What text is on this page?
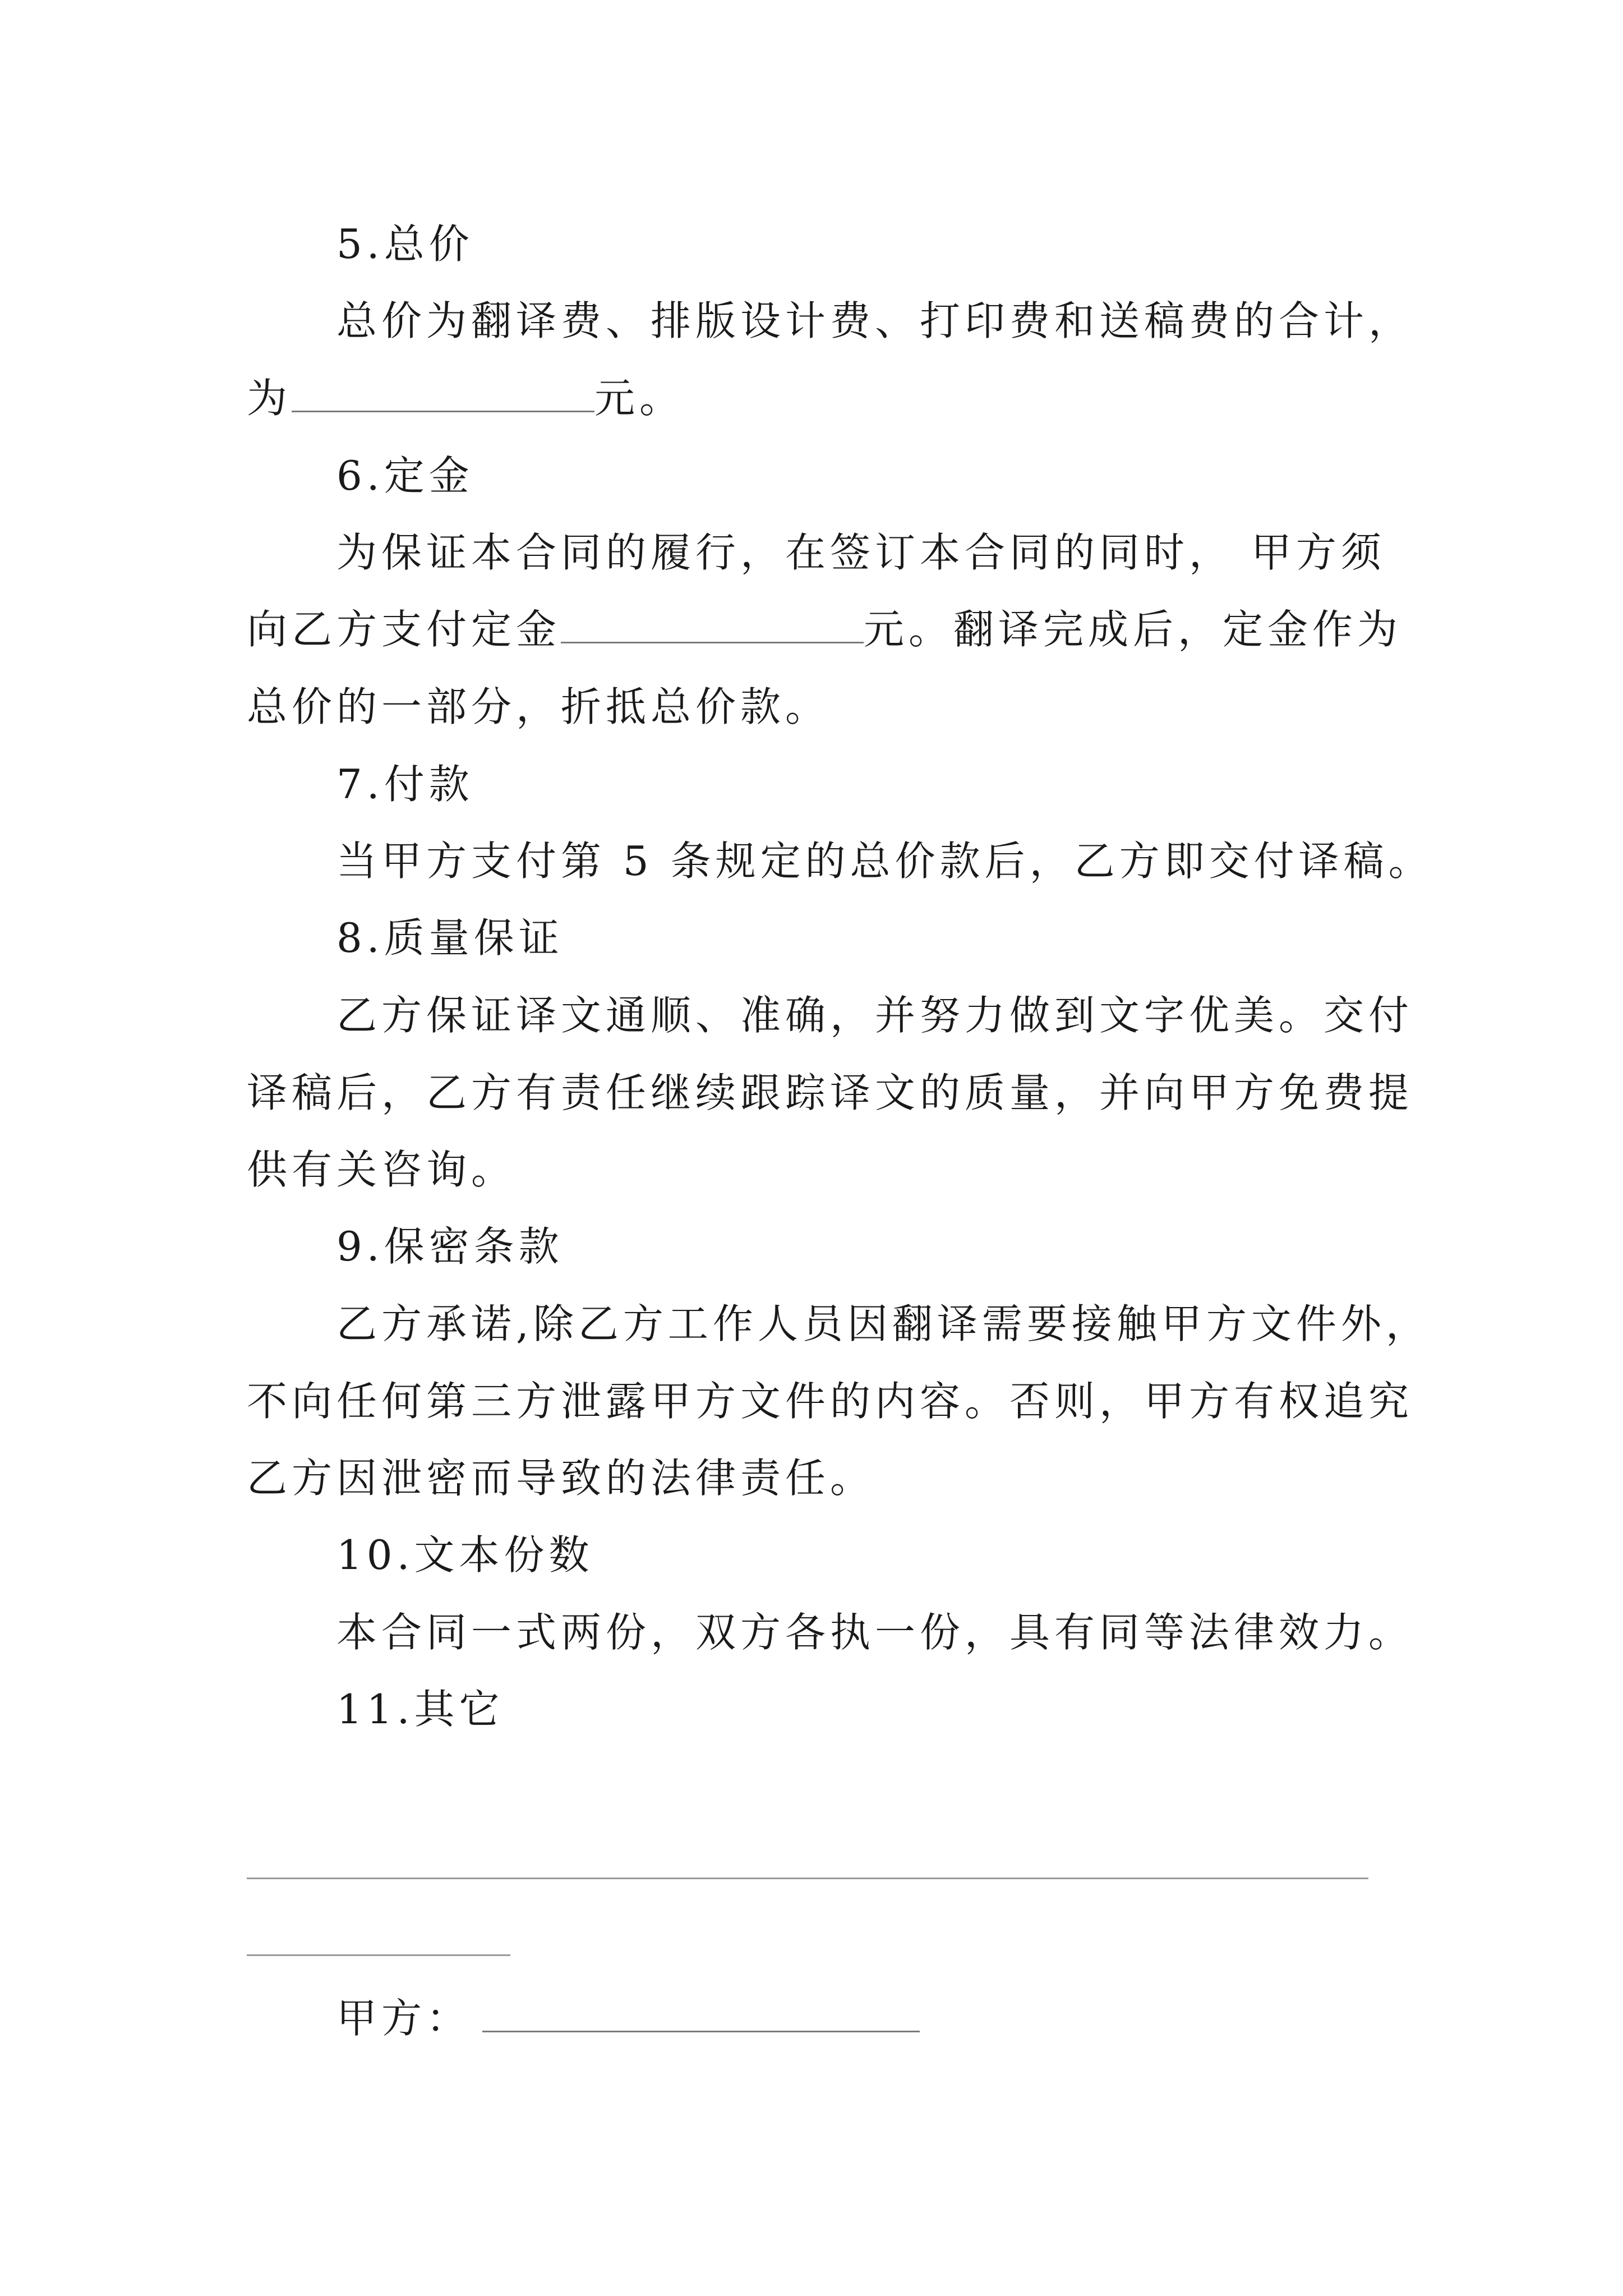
5.总价
总价为翻译费、排版设计费、打印费和送稿费的合计，
为	元。
6.定金
为保证本合同的履行，在签订本合同的同时， 甲方须
向乙方支付定金	元。翻译完成后，定金作为
总价的一部分，折抵总价款。
7.付款
当甲方支付第 5 条规定的总价款后，乙方即交付译稿。
8.质量保证
乙方保证译文通顺、准确，并努力做到文字优美。交付
译稿后，乙方有责任继续跟踪译文的质量，并向甲方免费提
供有关咨询。
9.保密条款
乙方承诺,除乙方工作人员因翻译需要接触甲方文件外，
不向任何第三方泄露甲方文件的内容。否则，甲方有权追究
乙方因泄密而导致的法律责任。
10.文本份数
本合同一式两份，双方各执一份，具有同等法律效力。
11.其它
甲方：
